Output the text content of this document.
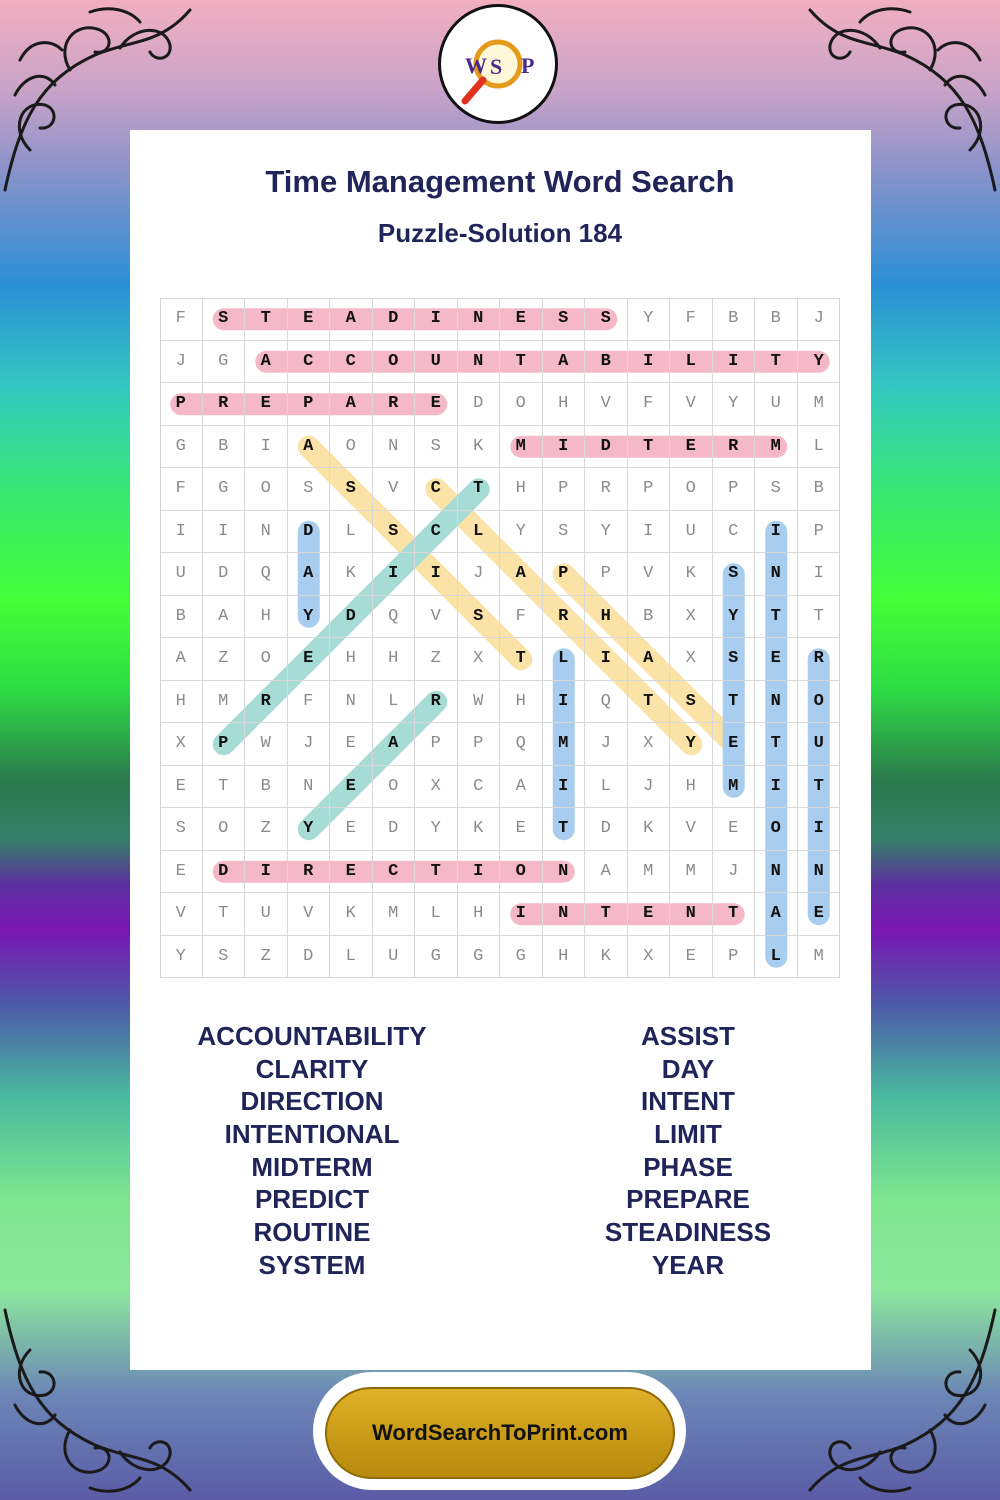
W S P
Time Management Word Search
Puzzle-Solution 184
F	S	T	E	A	D	I	N	E	S	S	Y	F	B	B	J
J	G	A	C	C	O	U	N	T	A	B	I	L	I	T	Y
P	R	E	P	A	R	E	D	O	H	V	F	V	Y	U	M
G	B	I	A	O	N	S	K	M	I	D	T	E	R	M	L
F	G	O	S	S	V	C	T	H	P	R	P	O	P	S	B
I	I	N	D	L	S	C	L	Y	S	Y	I	U	C	I	P
U	D	Q	A	K	I	I	J	A	P	P	V	K	S	N	I
B	A	H	Y	D	Q	V	S	F	R	H	B	X	Y	T	T
A	Z	O	E	H	H	Z	X	T	L	I	A	X	S	E	R
H	M	R	F	N	L	R	W	H	I	Q	T	S	T	N	O
X	P	W	J	E	A	P	P	Q	M	J	X	Y	E	T	U
E	T	B	N	E	O	X	C	A	I	L	J	H	M	I	T
S	O	Z	Y	E	D	Y	K	E	T	D	K	V	E	O	I
E	D	I	R	E	C	T	I	O	N	A	M	M	J	N	N
V	T	U	V	K	M	L	H	I	N	T	E	N	T	A	E
Y	S	Z	D	L	U	G	G	G	H	K	X	E	P	L	M
ACCOUNTABILITY
CLARITY
DIRECTION
INTENTIONAL
MIDTERM
PREDICT
ROUTINE
SYSTEM
ASSIST
DAY
INTENT
LIMIT
PHASE
PREPARE
STEADINESS
YEAR
WordSearchToPrint.com
